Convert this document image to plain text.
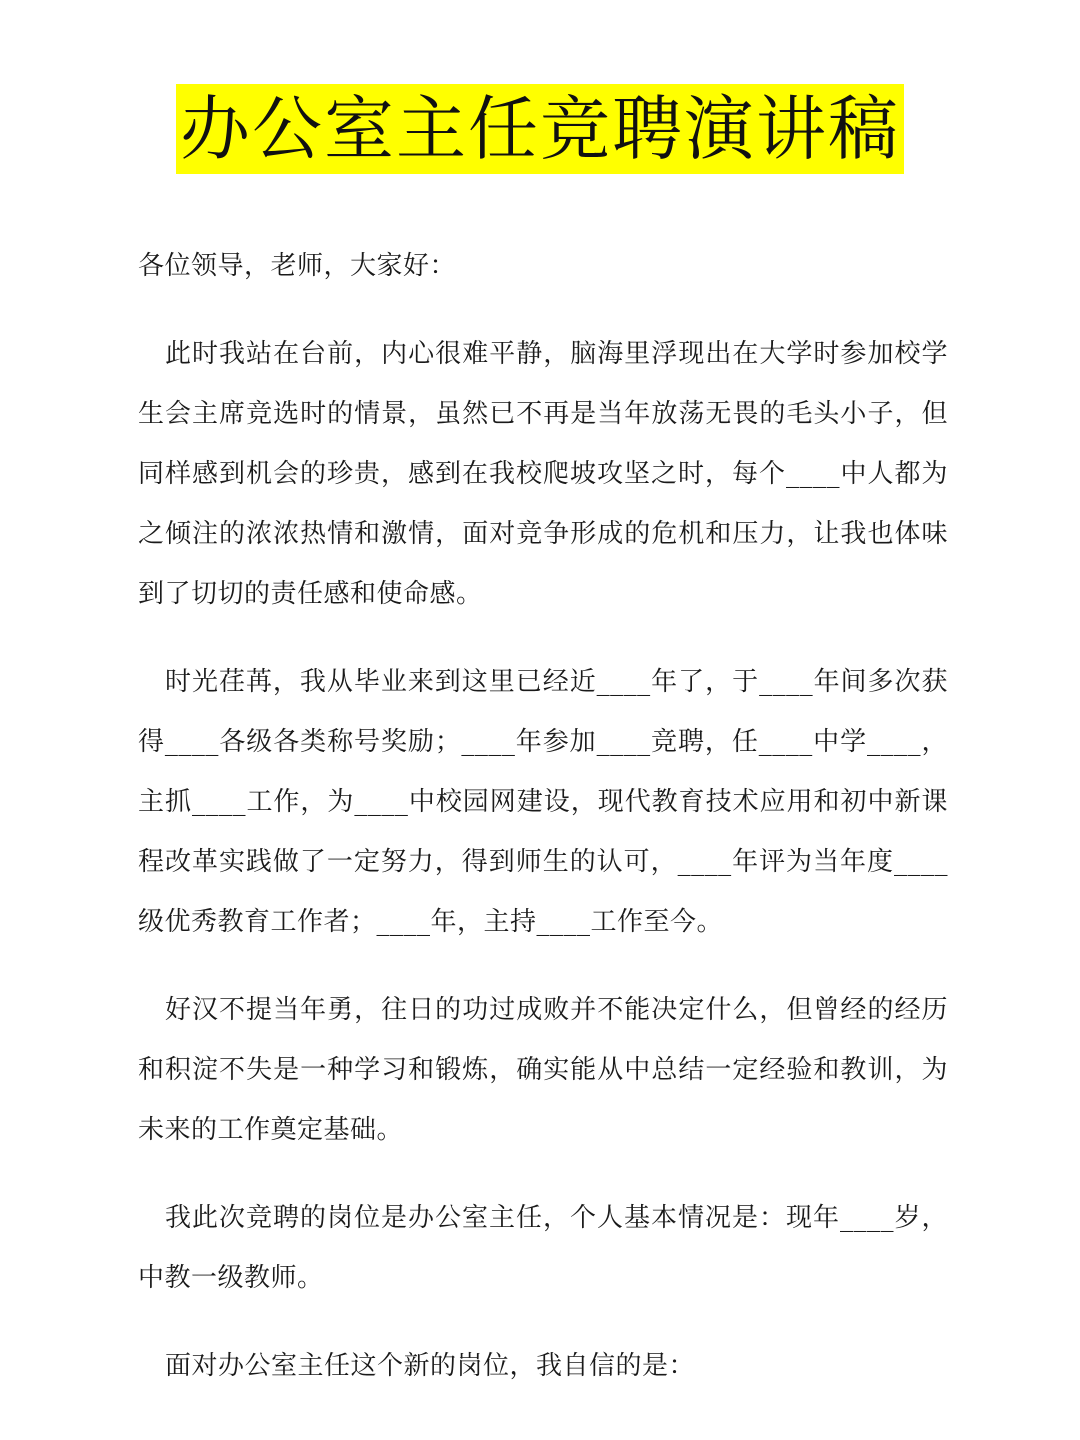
办公室主任竞聘演讲稿
各位领导，老师，大家好：
此时我站在台前，内心很难平静，脑海里浮现出在大学时参加校学生会主席竞选时的情景，虽然已不再是当年放荡无畏的毛头小子，但同样感到机会的珍贵，感到在我校爬坡攻坚之时，每个____中人都为之倾注的浓浓热情和激情，面对竞争形成的危机和压力，让我也体味到了切切的责任感和使命感。
时光荏苒，我从毕业来到这里已经近____年了，于____年间多次获得____各级各类称号奖励；____年参加____竞聘，任____中学____，主抓____工作，为____中校园网建设，现代教育技术应用和初中新课程改革实践做了一定努力，得到师生的认可，____年评为当年度____级优秀教育工作者；____年，主持____工作至今。
好汉不提当年勇，往日的功过成败并不能决定什么，但曾经的经历和积淀不失是一种学习和锻炼，确实能从中总结一定经验和教训，为未来的工作奠定基础。
我此次竞聘的岗位是办公室主任，个人基本情况是：现年____岁，中教一级教师。
面对办公室主任这个新的岗位，我自信的是：
